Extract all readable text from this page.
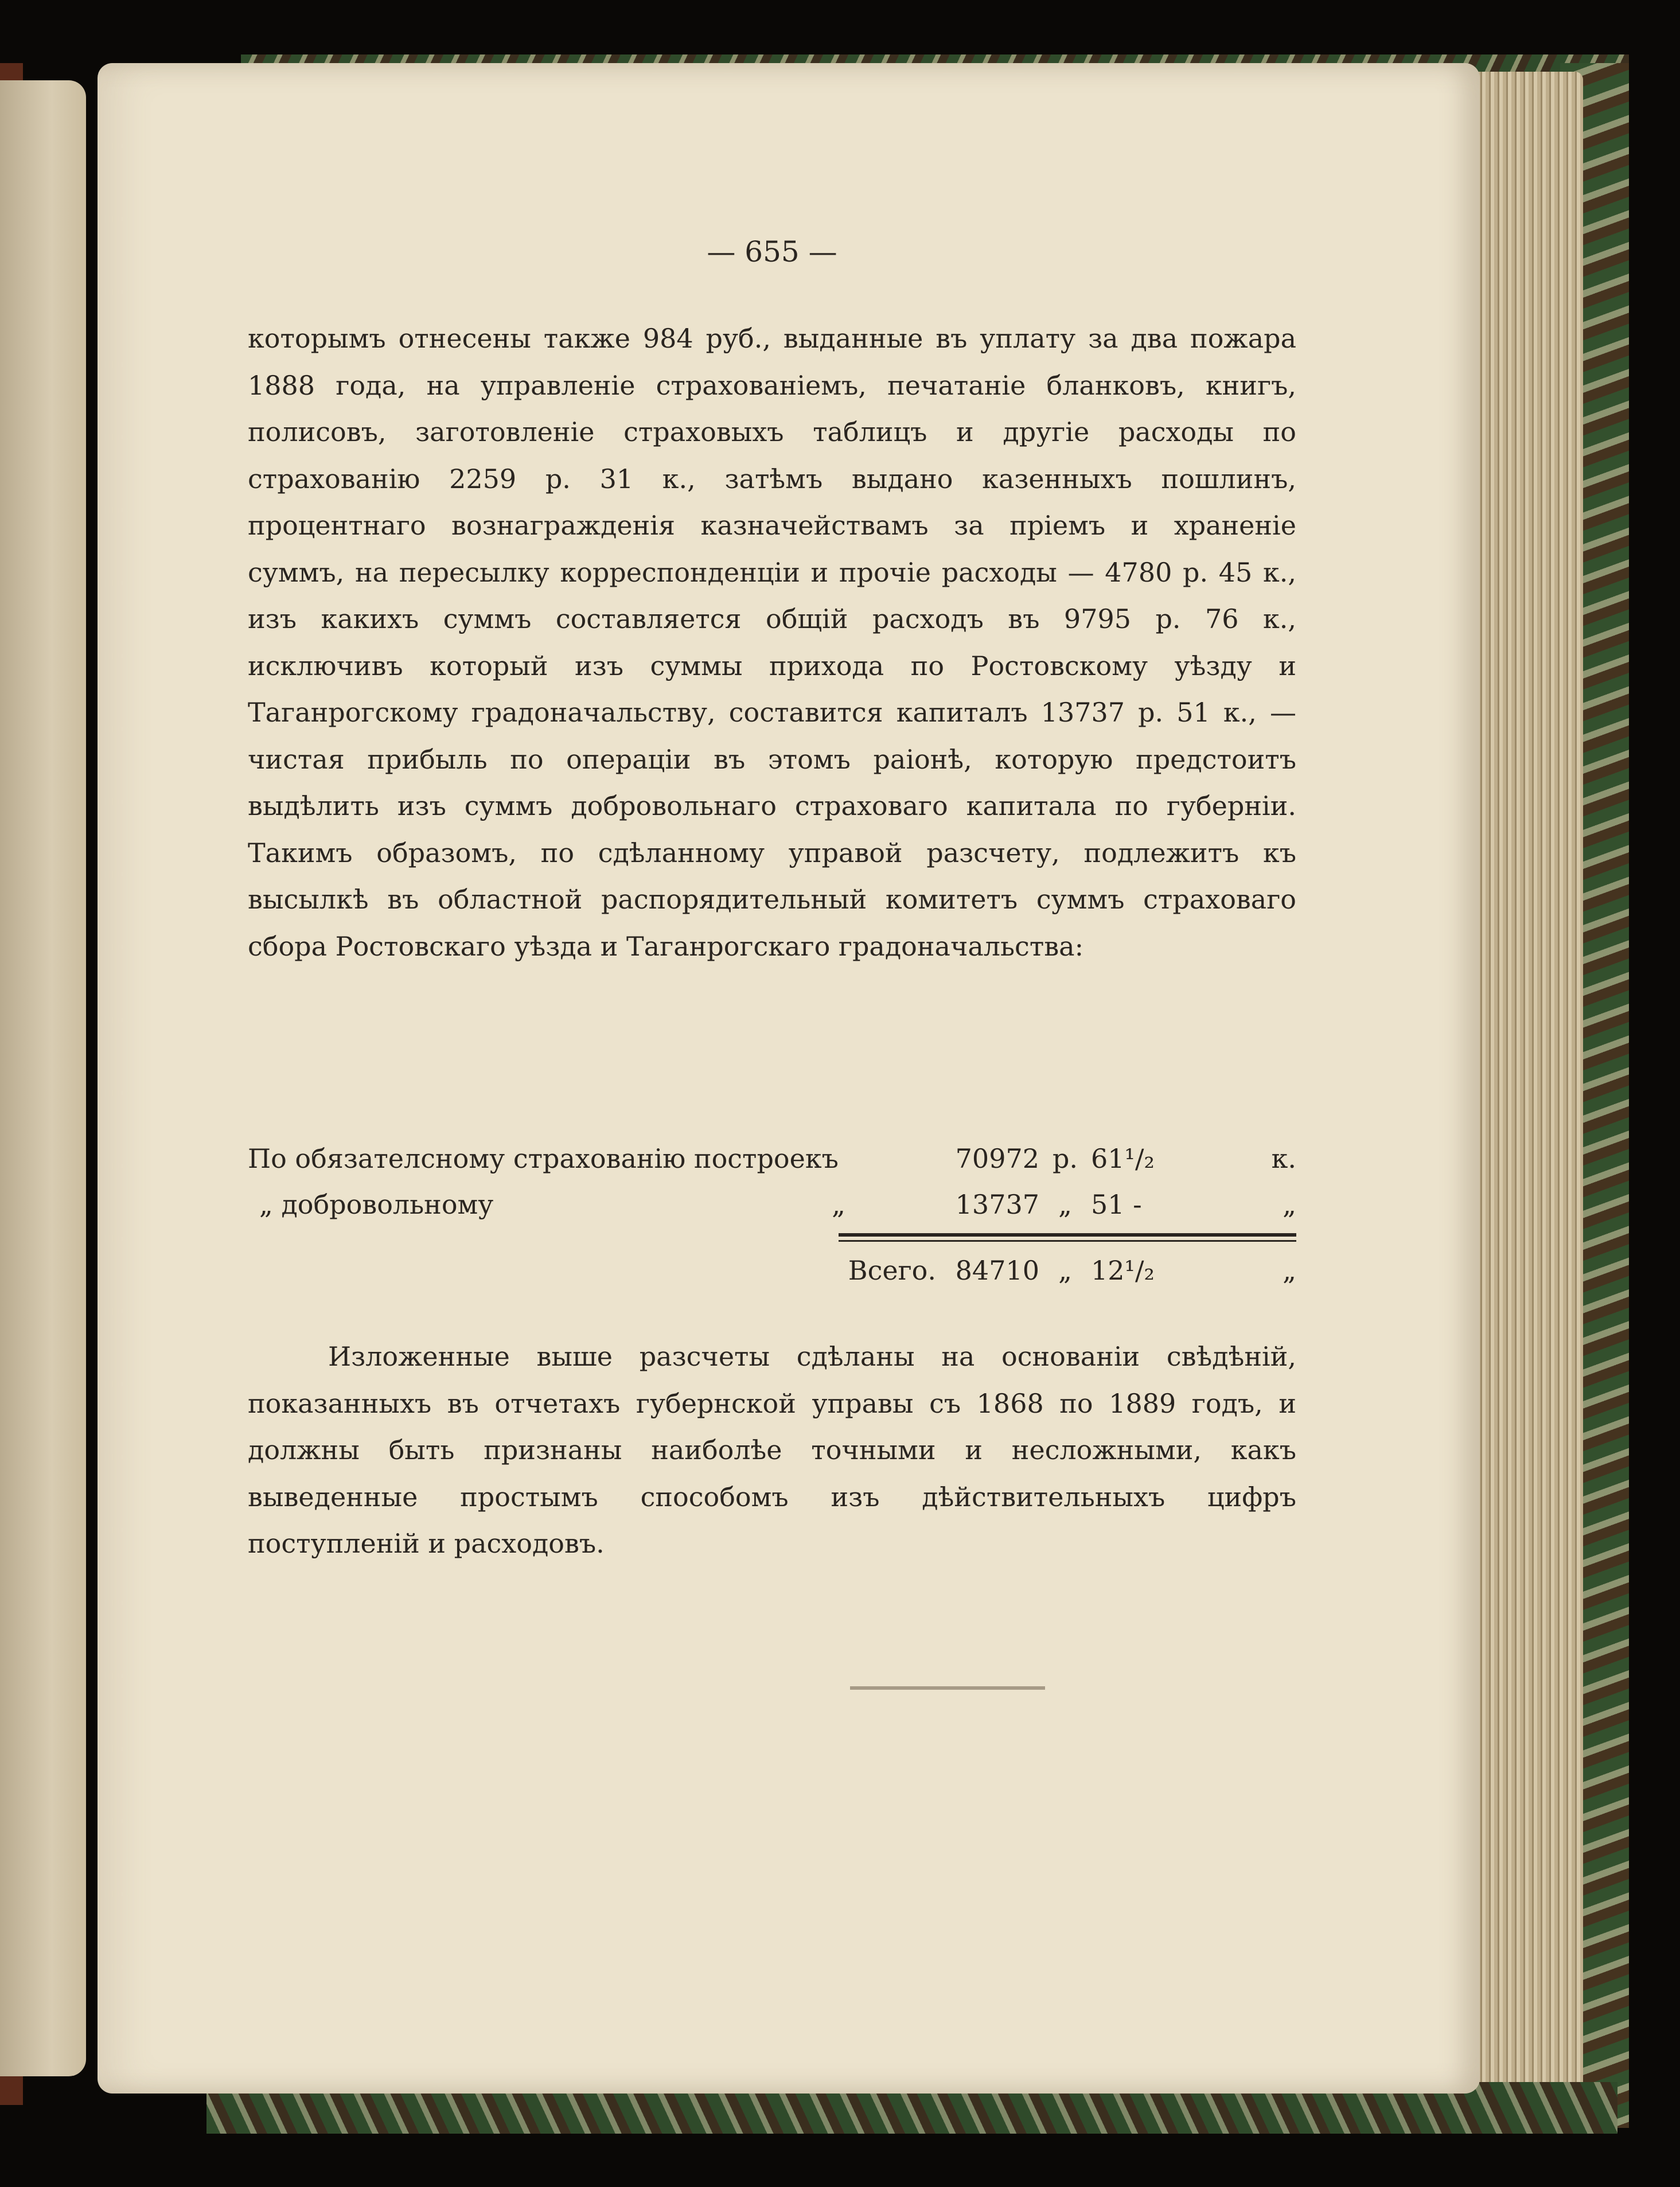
— 655 —

которымъ отнесены также 984 руб., выданные въ уплату за два пожара 1888 года, на управленіе страхованіемъ, печатаніе бланковъ, книгъ, полисовъ, заготовленіе страховыхъ таблицъ и другіе расходы по страхованію 2259 р. 31 к., затѣмъ выдано казенныхъ пошлинъ, процентнаго вознагражденія казначействамъ за пріемъ и храненіе суммъ, на пересылку корреспонденціи и прочіе расходы — 4780 р. 45 к., изъ какихъ суммъ составляется общій расходъ въ 9795 р. 76 к., исключивъ который изъ суммы прихода по Ростовскому уѣзду и Таганрогскому градоначальству, составится капиталъ 13737 р. 51 к., — чистая прибыль по операціи въ этомъ раіонѣ, которую предстоитъ выдѣлить изъ суммъ добровольнаго страховаго капитала по губерніи. Такимъ образомъ, по сдѣланному управой разсчету, подлежитъ къ высылкѣ въ областной распорядительный комитетъ суммъ страховаго сбора Ростовскаго уѣзда и Таганрогскаго градоначальства:

По обязателсному страхованію построекъ	70972 р. 61¹/₂	к.
„ добровольному	„	13737 „ 51 -	„
Всего. 84710 „ 12¹/₂	„

Изложенные выше разсчеты сдѣланы на основаніи свѣдѣній, показанныхъ въ отчетахъ губернской управы съ 1868 по 1889 годъ, и должны быть признаны наиболѣе точными и несложными, какъ выведенные простымъ способомъ изъ дѣйствительныхъ цифръ поступленій и расходовъ.
